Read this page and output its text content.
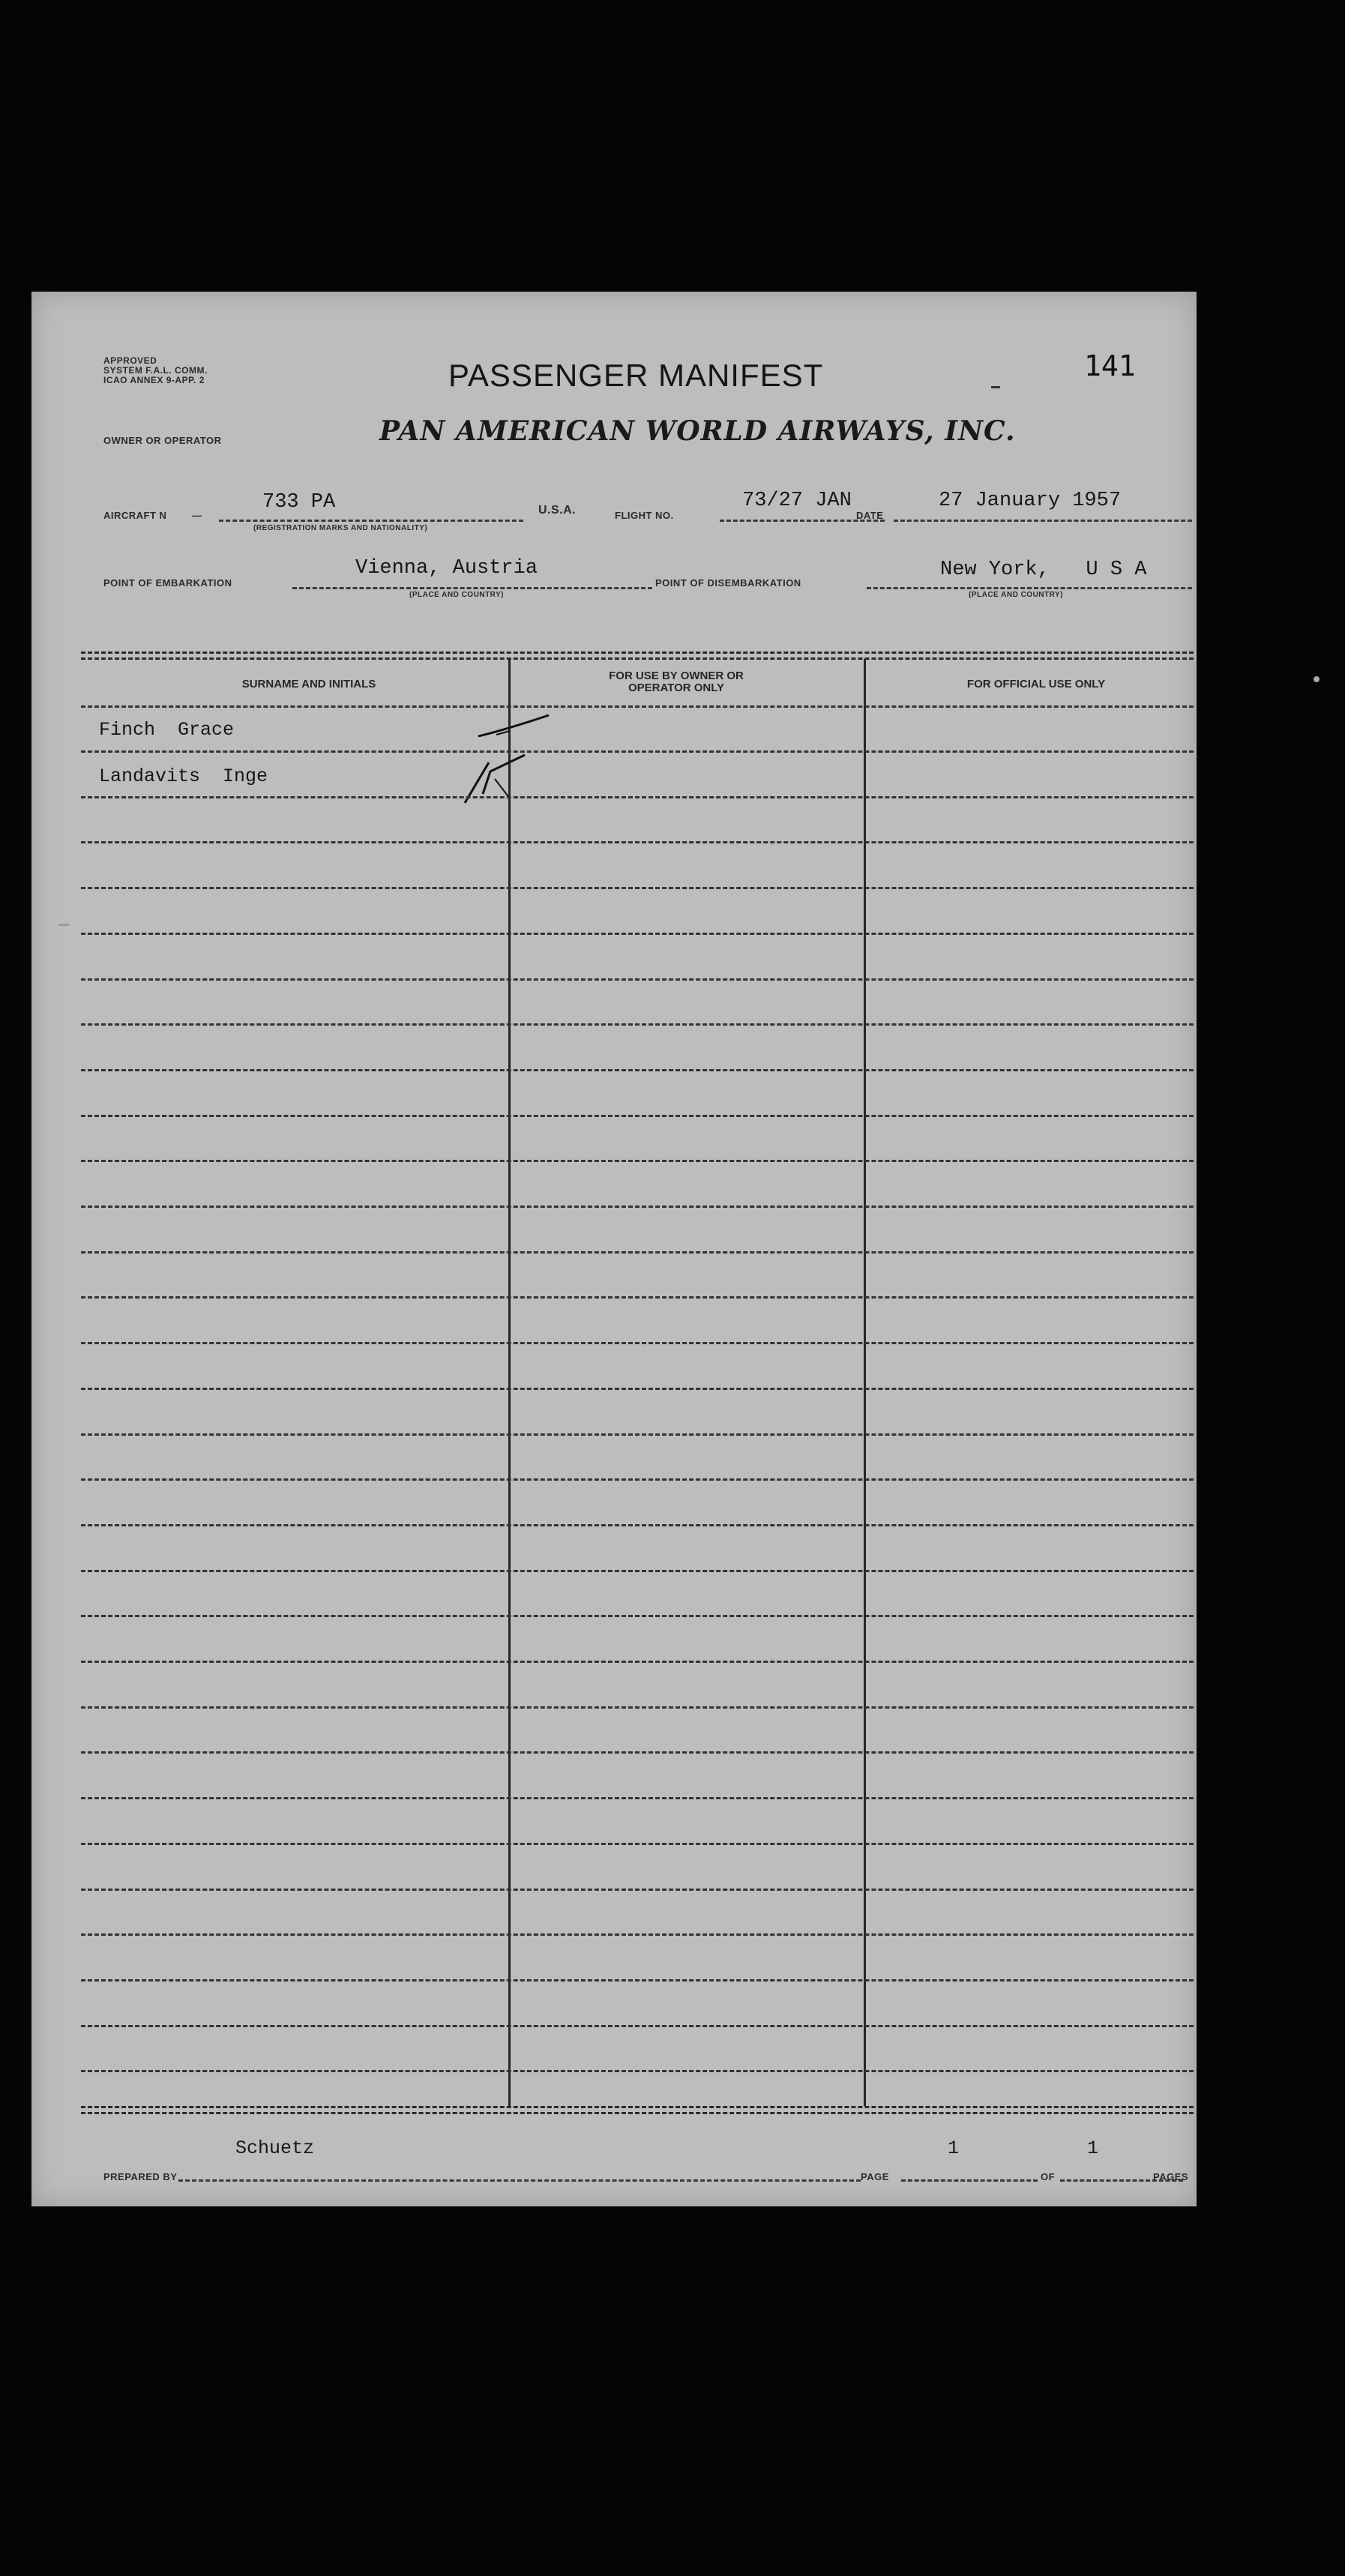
APPROVED
SYSTEM F.A.L. COMM.
ICAO ANNEX 9-APP. 2	PASSENGER MANIFEST	141
OWNER OR OPERATOR	PAN AMERICAN WORLD AIRWAYS, INC.
AIRCRAFT N	—
733 PA
(REGISTRATION MARKS AND NATIONALITY)
U.S.A.	FLIGHT NO.
73/27 JAN
DATE
27 January 1957
POINT OF EMBARKATION
Vienna, Austria
(PLACE AND COUNTRY)
POINT OF DISEMBARKATION
New York,   U S A
(PLACE AND COUNTRY)
SURNAME AND INITIALS
FOR USE BY OWNER OR OPERATOR ONLY	FOR OFFICIAL USE ONLY
Finch  Grace
Landavits  Inge
Schuetz
PREPARED BY	PAGE
1
OF
1
PAGES
